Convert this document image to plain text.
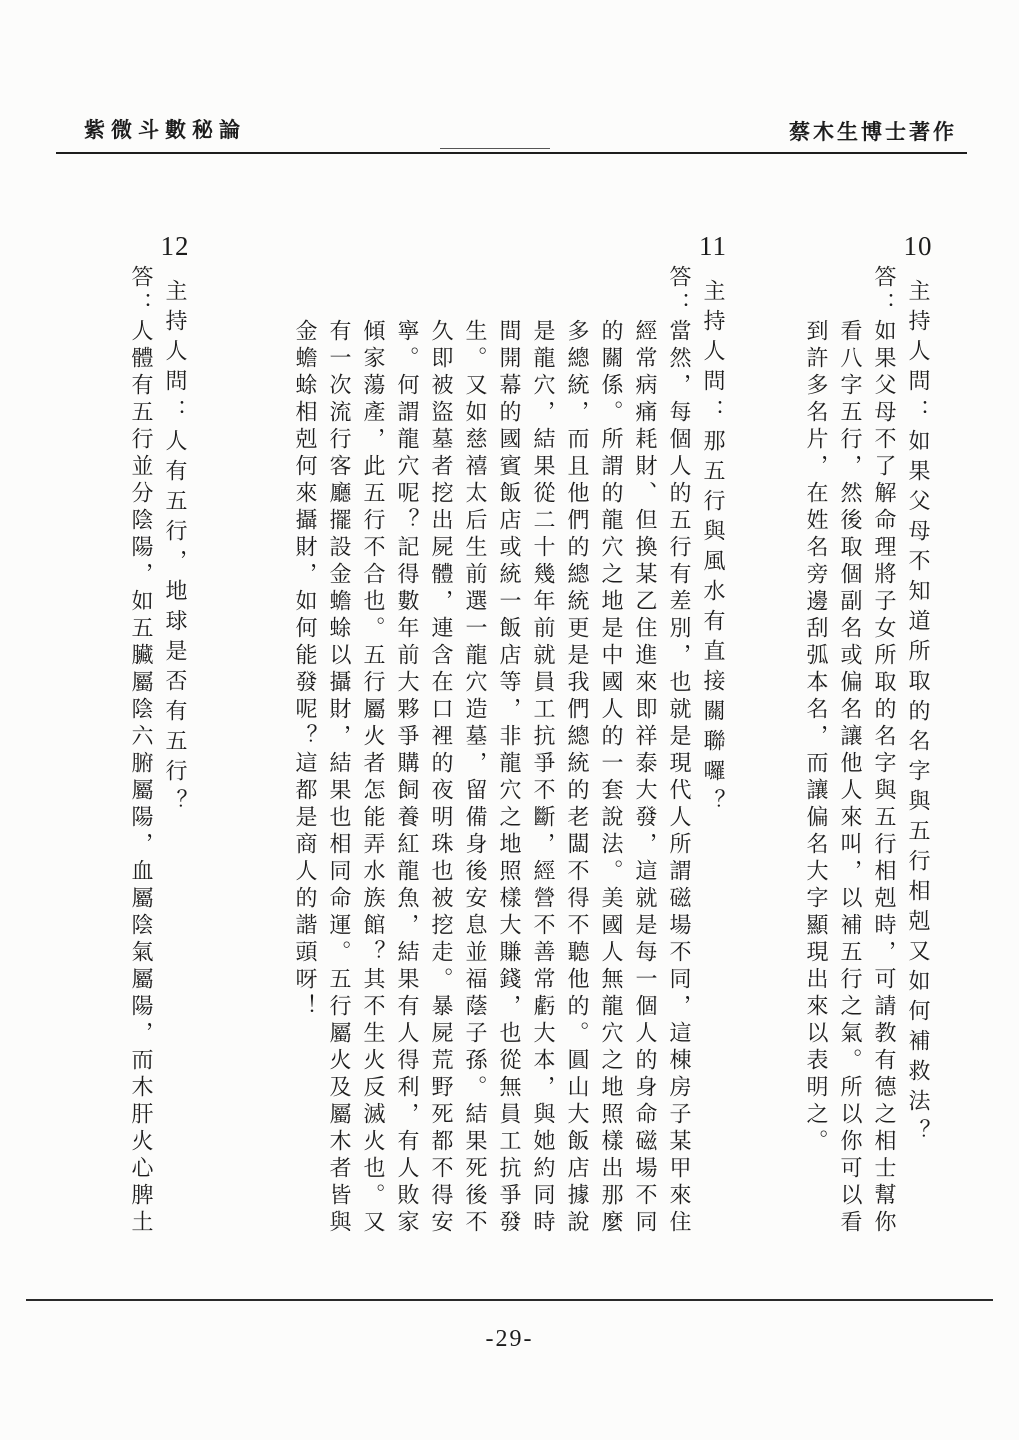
紫微斗數秘論	蔡木生博士著作
10

主持人問：如果父母不知道所取的名字與五行相剋又如何補救法？

答：如果父母不了解命理將子女所取的名字與五行相剋時，可請教有德之相士幫你看八字五行，然後取個副名或偏名讓他人來叫，以補五行之氣。所以你可以看到許多名片，在姓名旁邊刮弧本名，而讓偏名大字顯現出來以表明之。

11

主持人問：那五行與風水有直接關聯囉？

答：當然，每個人的五行有差別，也就是現代人所謂磁場不同，這棟房子某甲來住經常病痛耗財、但換某乙住進來即祥泰大發，這就是每一個人的身命磁場不同的關係。所謂的龍穴之地是中國人的一套說法。美國人無龍穴之地照樣出那麼多總統，而且他們的總統更是我們總統的老闆不得不聽他的。圓山大飯店據說是龍穴，結果從二十幾年前就員工抗爭不斷，經營不善常虧大本，與她約同時間開幕的國賓飯店或統一飯店等，非龍穴之地照樣大賺錢，也從無員工抗爭發生。又如慈禧太后生前選一龍穴造墓，留備身後安息並福蔭子孫。結果死後不久即被盜墓者挖出屍體，連含在口裡的夜明珠也被挖走。暴屍荒野死都不得安寧。何謂龍穴呢？記得數年前大夥爭購飼養紅龍魚，結果有人得利，有人敗家傾家蕩產，此五行不合也。五行屬火者怎能弄水族館？其不生火反滅火也。又有一次流行客廳擺設金蟾蜍以攝財，結果也相同命運。五行屬火及屬木者皆與金蟾蜍相剋何來攝財，如何能發呢？這都是商人的諧頭呀！

12

主持人問：人有五行，地球是否有五行？

答：人體有五行並分陰陽，如五臟屬陰六腑屬陽，血屬陰氣屬陽，而木肝火心脾土

-29-
